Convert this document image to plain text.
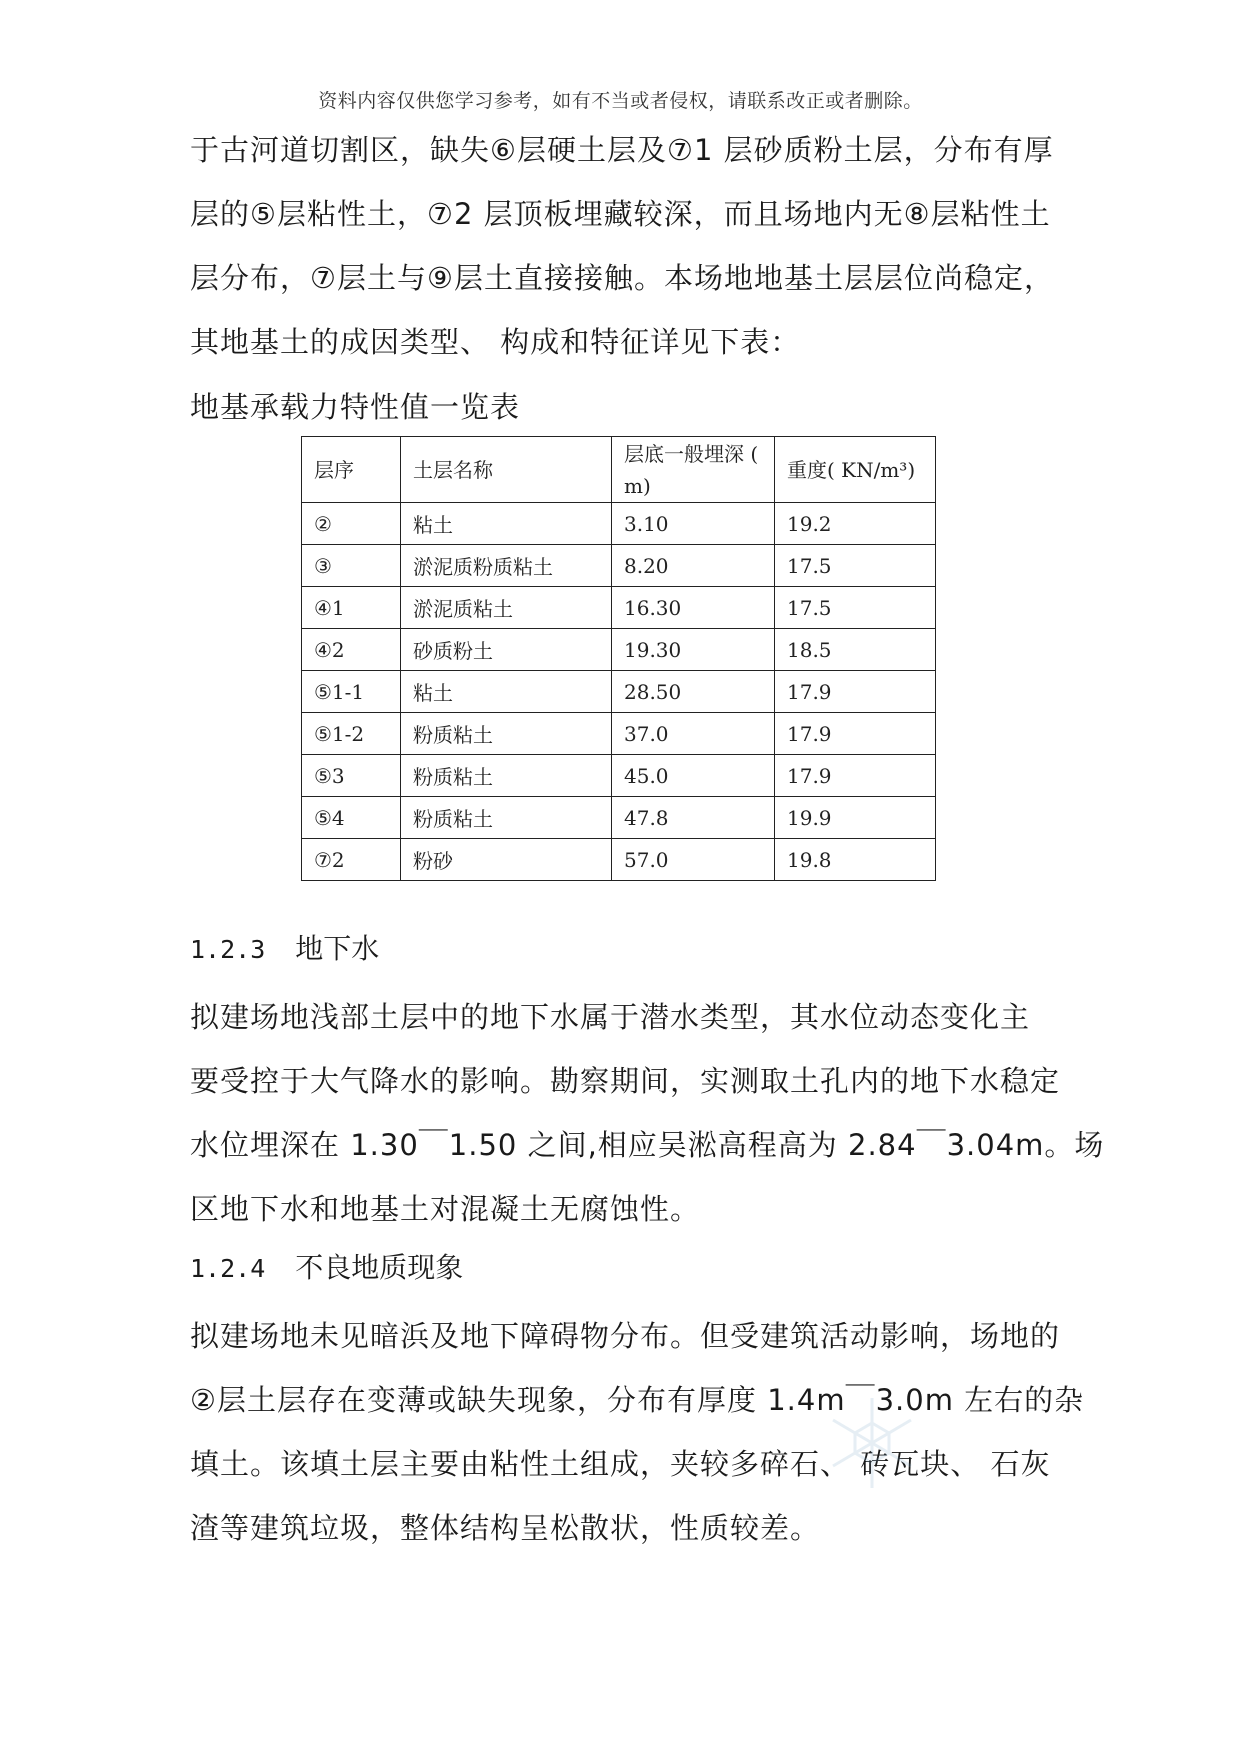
资料内容仅供您学习参考，如有不当或者侵权，请联系改正或者删除。
于古河道切割区，缺失⑥层硬土层及⑦1 层砂质粉土层，分布有厚
层的⑤层粘性土，⑦2 层顶板埋藏较深，而且场地内无⑧层粘性土
层分布，⑦层土与⑨层土直接接触。本场地地基土层层位尚稳定，
其地基土的成因类型、 构成和特征详见下表：
地基承载力特性值一览表
层序	土层名称	层底一般埋深 ( m)	重度( KN/m³)
②	粘土	3.10	19.2
③	淤泥质粉质粘土	8.20	17.5
④1	淤泥质粘土	16.30	17.5
④2	砂质粉土	19.30	18.5
⑤1-1	粘土	28.50	17.9
⑤1-2	粉质粘土	37.0	17.9
⑤3	粉质粘土	45.0	17.9
⑤4	粉质粘土	47.8	19.9
⑦2	粉砂	57.0	19.8
1.2.3 地下水
拟建场地浅部土层中的地下水属于潜水类型，其水位动态变化主
要受控于大气降水的影响。勘察期间，实测取土孔内的地下水稳定
水位埋深在 1.30￣1.50 之间,相应吴淞高程高为 2.84￣3.04m。场
区地下水和地基土对混凝土无腐蚀性。
1.2.4 不良地质现象
拟建场地未见暗浜及地下障碍物分布。但受建筑活动影响，场地的
②层土层存在变薄或缺失现象，分布有厚度 1.4m￣3.0m 左右的杂
填土。该填土层主要由粘性土组成，夹较多碎石、 砖瓦块、 石灰
渣等建筑垃圾，整体结构呈松散状，性质较差。
